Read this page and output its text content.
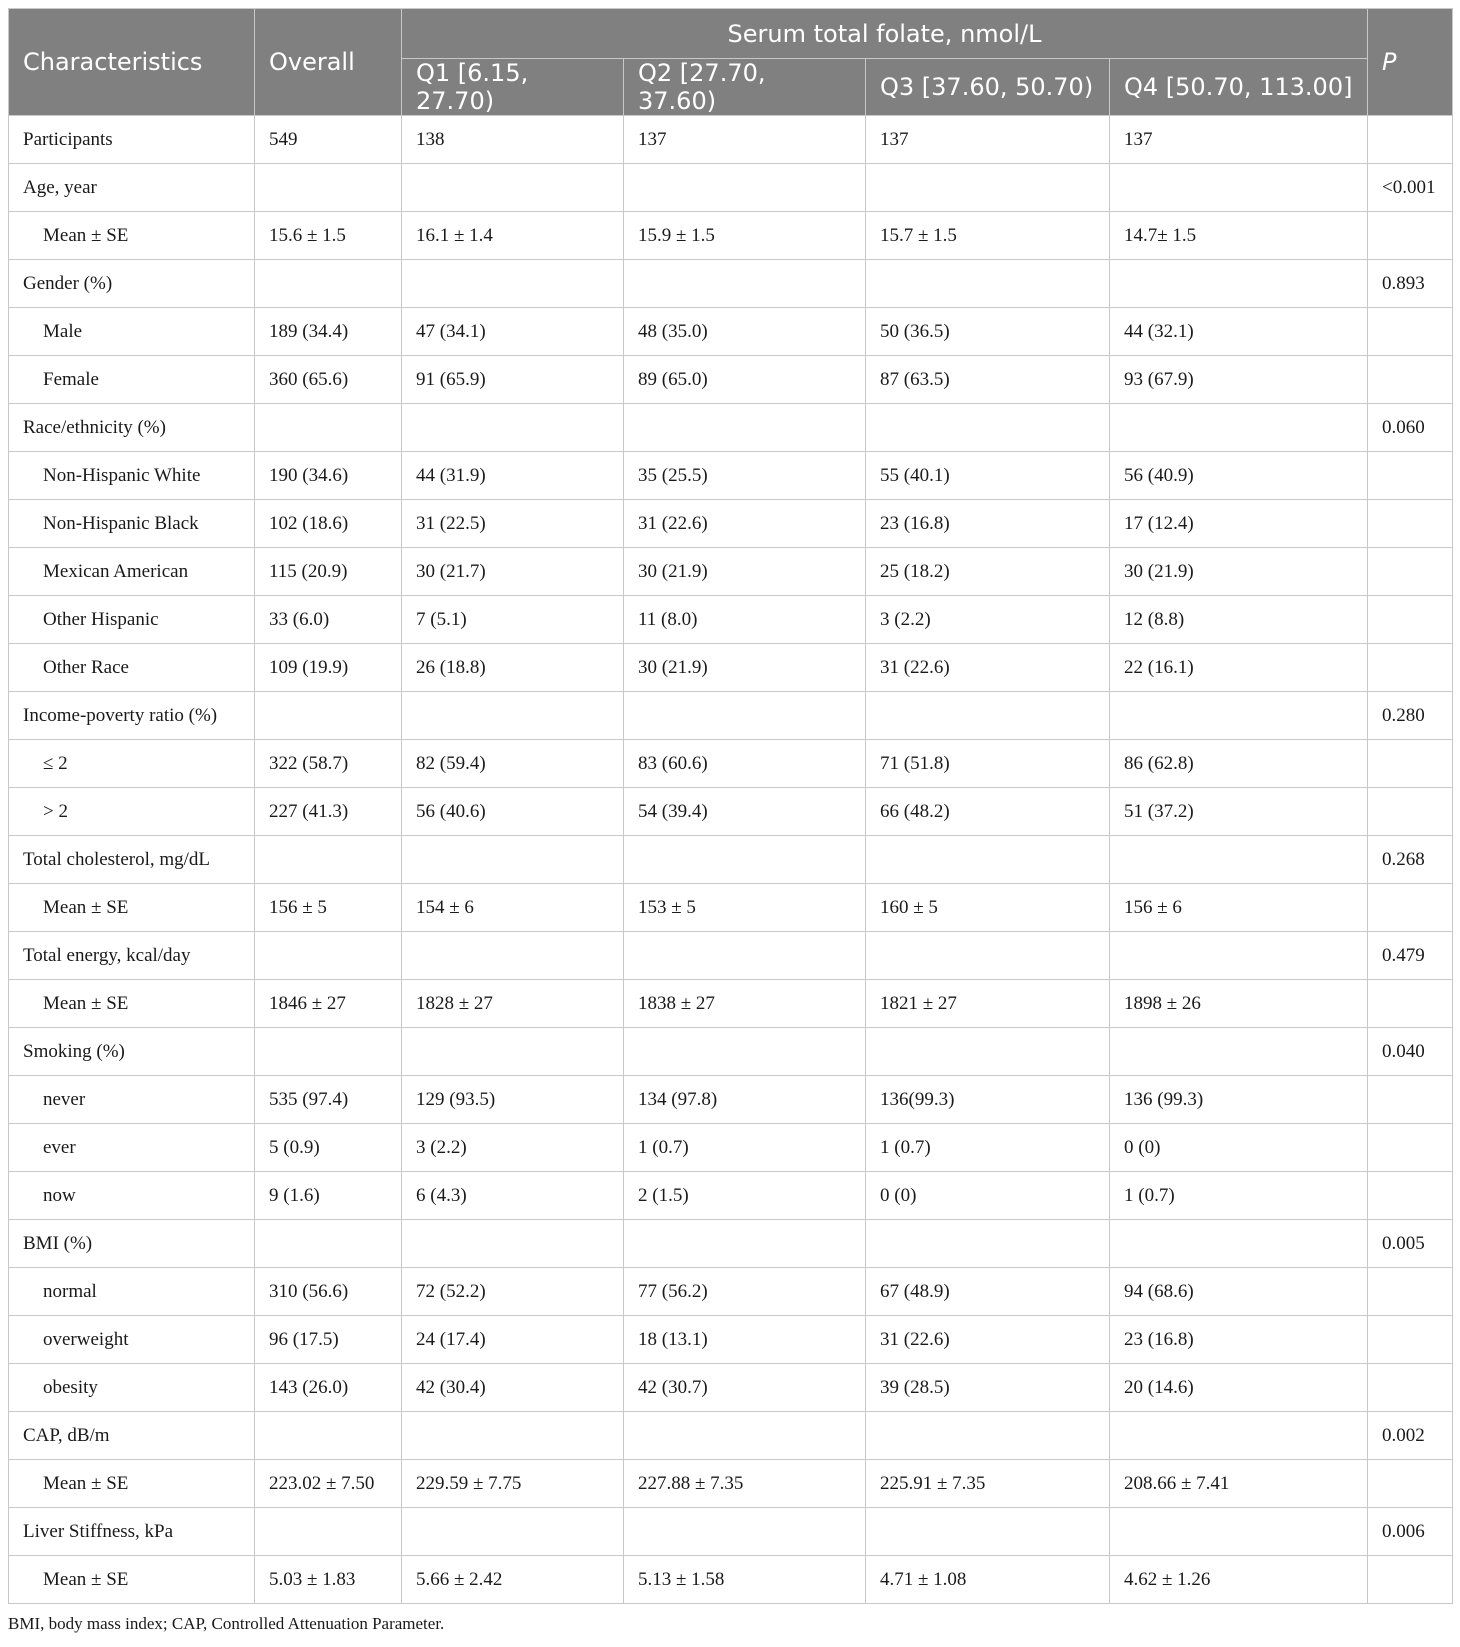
Characteristics	Overall	Serum total folate, nmol/L				P
		Q1 [6.15, 27.70)	Q2 [27.70, 37.60)	Q3 [37.60, 50.70)	Q4 [50.70, 113.00]	
Participants	549	138	137	137	137	
Age, year						<0.001
Mean ± SE	15.6 ± 1.5	16.1 ± 1.4	15.9 ± 1.5	15.7 ± 1.5	14.7± 1.5	
Gender (%)						0.893
Male	189 (34.4)	47 (34.1)	48 (35.0)	50 (36.5)	44 (32.1)	
Female	360 (65.6)	91 (65.9)	89 (65.0)	87 (63.5)	93 (67.9)	
Race/ethnicity (%)						0.060
Non-Hispanic White	190 (34.6)	44 (31.9)	35 (25.5)	55 (40.1)	56 (40.9)	
Non-Hispanic Black	102 (18.6)	31 (22.5)	31 (22.6)	23 (16.8)	17 (12.4)	
Mexican American	115 (20.9)	30 (21.7)	30 (21.9)	25 (18.2)	30 (21.9)	
Other Hispanic	33 (6.0)	7 (5.1)	11 (8.0)	3 (2.2)	12 (8.8)	
Other Race	109 (19.9)	26 (18.8)	30 (21.9)	31 (22.6)	22 (16.1)	
Income-poverty ratio (%)						0.280
≤ 2	322 (58.7)	82 (59.4)	83 (60.6)	71 (51.8)	86 (62.8)	
> 2	227 (41.3)	56 (40.6)	54 (39.4)	66 (48.2)	51 (37.2)	
Total cholesterol, mg/dL						0.268
Mean ± SE	156 ± 5	154 ± 6	153 ± 5	160 ± 5	156 ± 6	
Total energy, kcal/day						0.479
Mean ± SE	1846 ± 27	1828 ± 27	1838 ± 27	1821 ± 27	1898 ± 26	
Smoking (%)						0.040
never	535 (97.4)	129 (93.5)	134 (97.8)	136(99.3)	136 (99.3)	
ever	5 (0.9)	3 (2.2)	1 (0.7)	1 (0.7)	0 (0)	
now	9 (1.6)	6 (4.3)	2 (1.5)	0 (0)	1 (0.7)	
BMI (%)						0.005
normal	310 (56.6)	72 (52.2)	77 (56.2)	67 (48.9)	94 (68.6)	
overweight	96 (17.5)	24 (17.4)	18 (13.1)	31 (22.6)	23 (16.8)	
obesity	143 (26.0)	42 (30.4)	42 (30.7)	39 (28.5)	20 (14.6)	
CAP, dB/m						0.002
Mean ± SE	223.02 ± 7.50	229.59 ± 7.75	227.88 ± 7.35	225.91 ± 7.35	208.66 ± 7.41	
Liver Stiffness, kPa						0.006
Mean ± SE	5.03 ± 1.83	5.66 ± 2.42	5.13 ± 1.58	4.71 ± 1.08	4.62 ± 1.26	
BMI, body mass index; CAP, Controlled Attenuation Parameter.
